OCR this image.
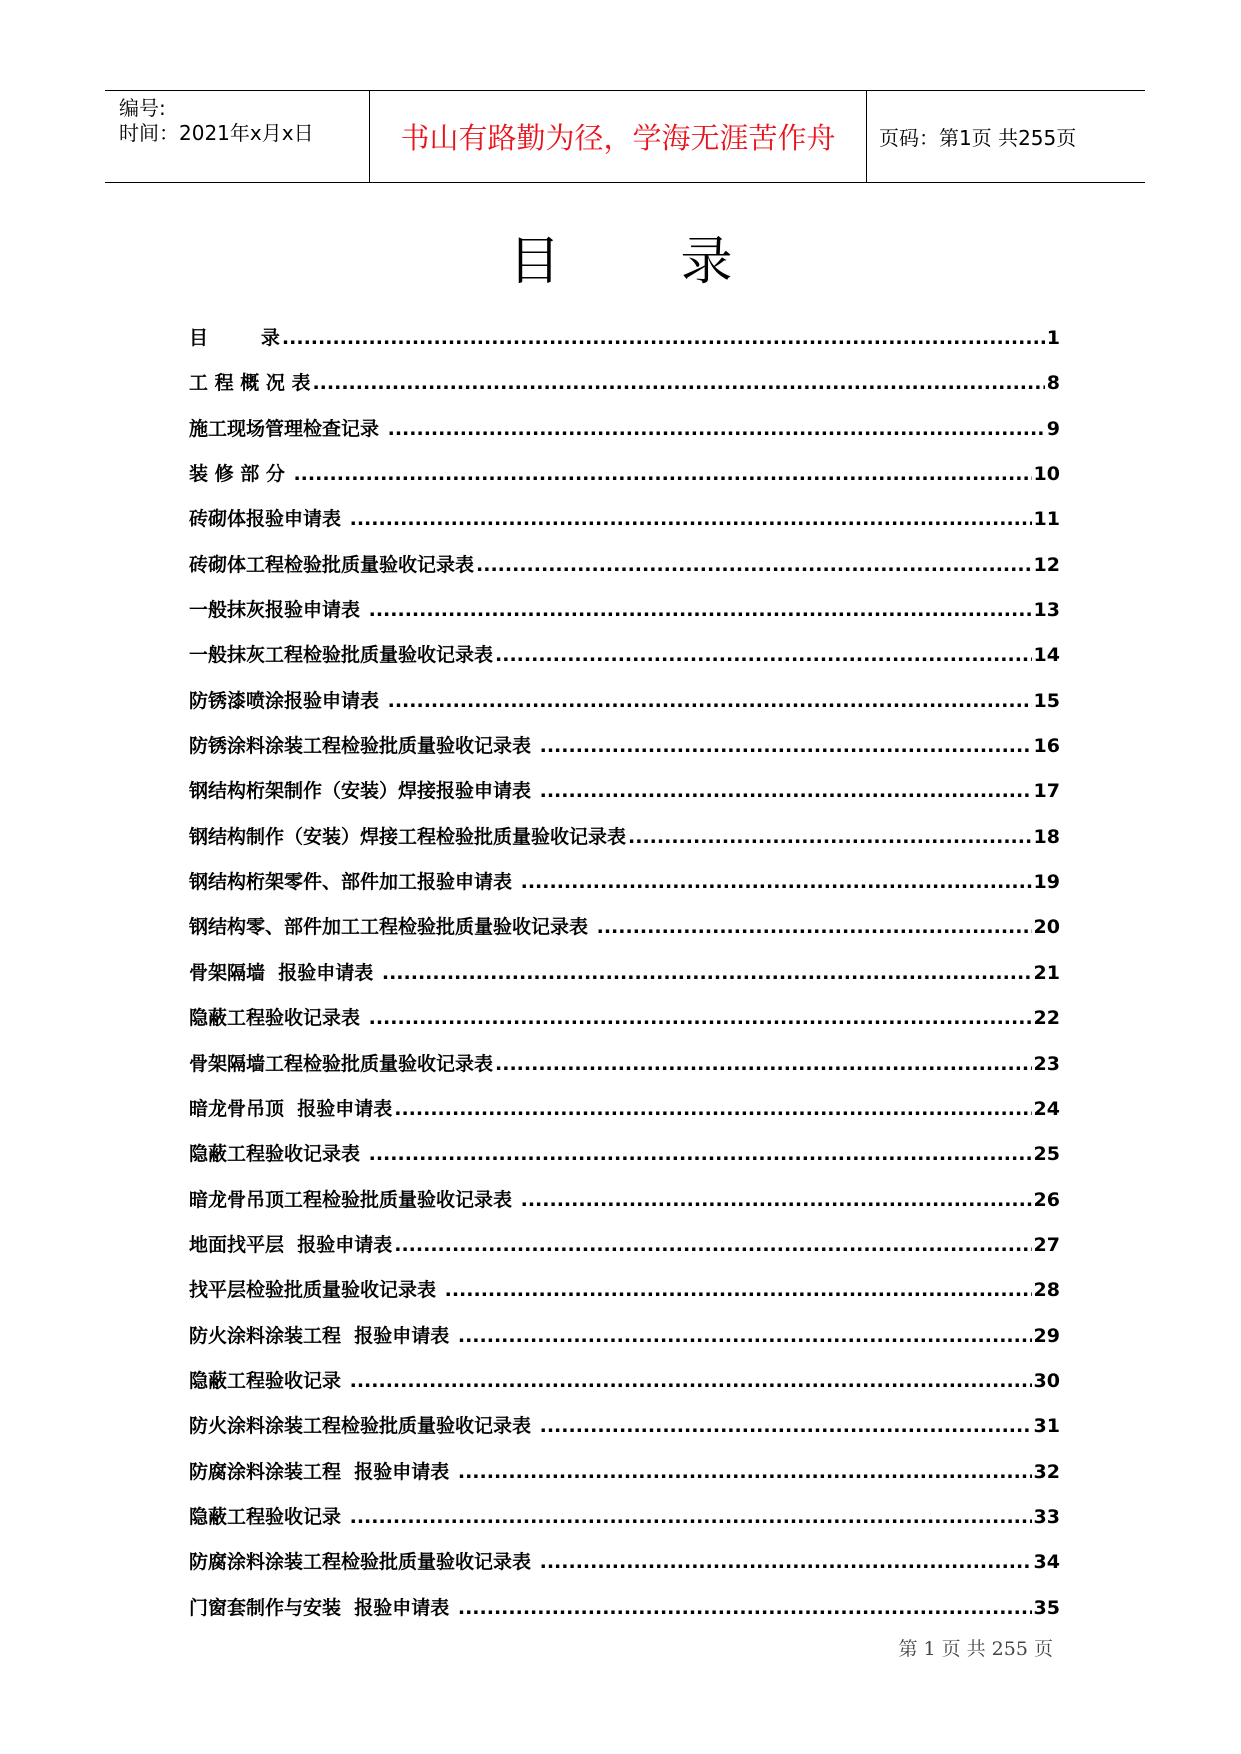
编号:
时间：2021年x月x日	书山有路勤为径，学海无涯苦作舟 页码：第1页 共255页
目 录
目        录 .....	1
工 程 概 况 表 .....	8
施工现场管理检查记录 .....	9
装 修 部 分 .....	10
砖砌体报验申请表 .....	11
砖砌体工程检验批质量验收记录表 .....	12
一般抹灰报验申请表 .....	13
一般抹灰工程检验批质量验收记录表 .....	14
防锈漆喷涂报验申请表 .....	15
防锈涂料涂装工程检验批质量验收记录表 .....	16
钢结构桁架制作（安装）焊接报验申请表 .....	17
钢结构制作（安装）焊接工程检验批质量验收记录表 .....	18
钢结构桁架零件、部件加工报验申请表 .....	19
钢结构零、部件加工工程检验批质量验收记录表 .....	20
骨架隔墙  报验申请表 .....	21
隐蔽工程验收记录表 .....	22
骨架隔墙工程检验批质量验收记录表 .....	23
暗龙骨吊顶  报验申请表 .....	24
隐蔽工程验收记录表 .....	25
暗龙骨吊顶工程检验批质量验收记录表 .....	26
地面找平层  报验申请表 .....	27
找平层检验批质量验收记录表 .....	28
防火涂料涂装工程  报验申请表 .....	29
隐蔽工程验收记录 .....	30
防火涂料涂装工程检验批质量验收记录表 .....	31
防腐涂料涂装工程  报验申请表 .....	32
隐蔽工程验收记录 .....	33
防腐涂料涂装工程检验批质量验收记录表 .....	34
门窗套制作与安装  报验申请表 .....	35
第 1 页 共 255 页
